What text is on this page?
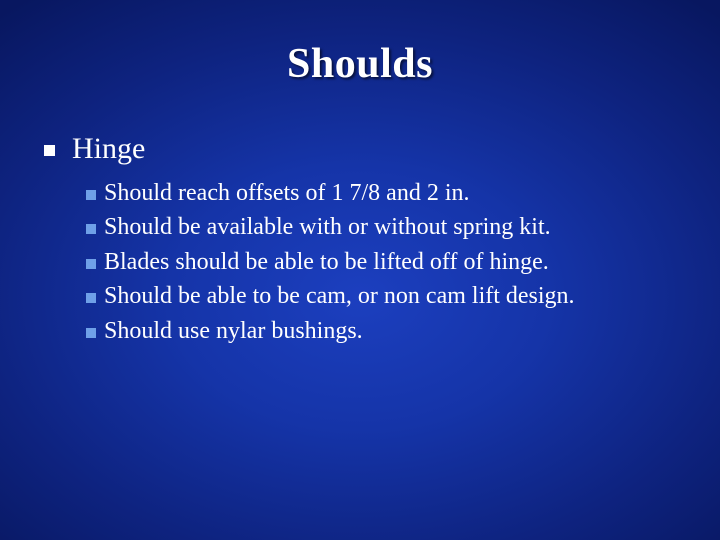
Shoulds
Hinge
Should reach offsets of 1 7/8 and 2 in.
Should be available with or without spring kit.
Blades should be able to be lifted off of hinge.
Should be able to be cam, or non cam lift design.
Should use nylar bushings.
